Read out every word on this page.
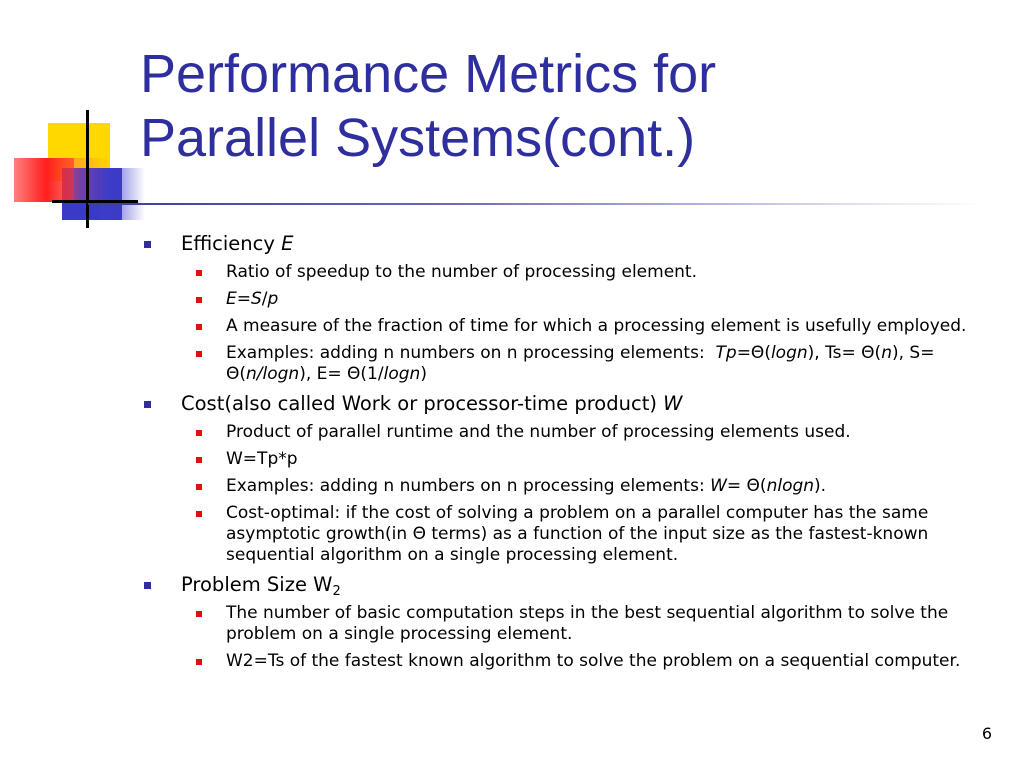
Performance Metrics for
Parallel Systems(cont.)
Efficiency E
Ratio of speedup to the number of processing element.
E=S/p
A measure of the fraction of time for which a processing element is usefully employed.
Examples: adding n numbers on n processing elements:  Tp=Θ(logn), Ts= Θ(n), S= Θ(n/logn), E= Θ(1/logn)
Cost(also called Work or processor-time product) W
Product of parallel runtime and the number of processing elements used.
W=Tp*p
Examples: adding n numbers on n processing elements: W= Θ(nlogn).
Cost-optimal: if the cost of solving a problem on a parallel computer has the same asymptotic growth(in Θ terms) as a function of the input size as the fastest-known sequential algorithm on a single processing element.
Problem Size $W_2$
The number of basic computation steps in the best sequential algorithm to solve the problem on a single processing element.
W2=Ts of the fastest known algorithm to solve the problem on a sequential computer.
6
